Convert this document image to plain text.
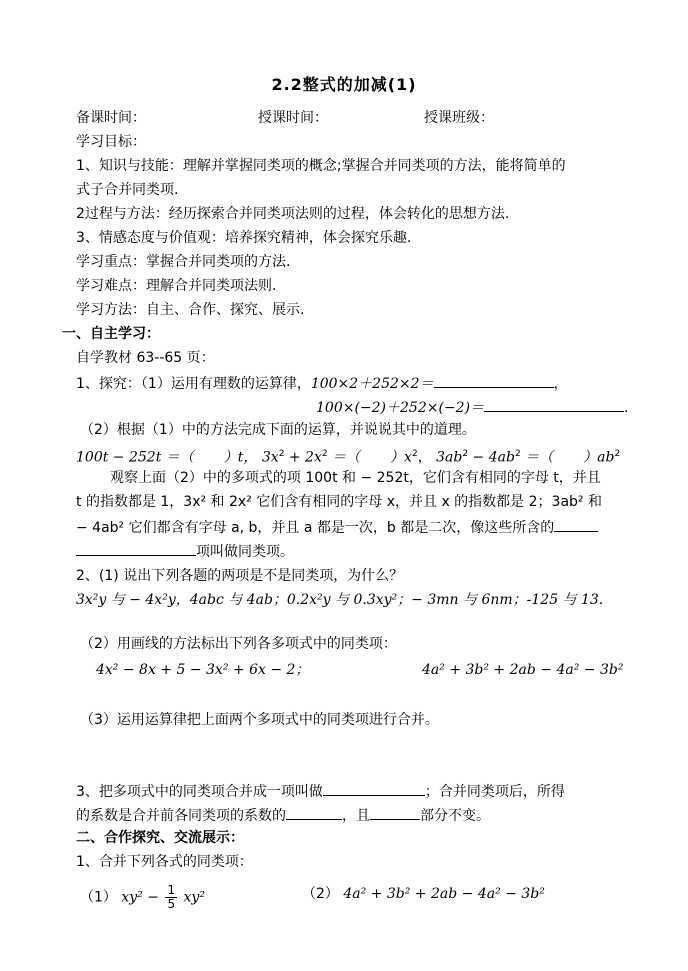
2.2整式的加减(1)
备课时间：	授课时间：	授课班级：
学习目标：
1、知识与技能：理解并掌握同类项的概念;掌握合并同类项的方法，能将简单的
式子合并同类项.
2过程与方法：经历探索合并同类项法则的过程，体会转化的思想方法.
3、情感态度与价值观：培养探究精神，体会探究乐趣.
学习重点：掌握合并同类项的方法.
学习难点：理解合并同类项法则.
学习方法：自主、合作、探究、展示.
一、自主学习：
自学教材 63--65 页：
1、探究：（1）运用有理数的运算律，100×2＋252×2＝	，
100×(−2)＋252×(−2)＝	.
（2）根据（1）中的方法完成下面的运算，并说说其中的道理。
100t − 252t ＝（ ）t， $3x^2 + 2x^2$ ＝（ ）$x^2$， $3ab^2 - 4ab^2$ ＝（ ）$ab^2$
观察上面（2）中的多项式的项 100t 和 − 252t，它们含有相同的字母 t，并且
t 的指数都是 1，3x² 和 2x² 它们含有相同的字母 x，并且 x 的指数都是 2；3ab² 和
− 4ab² 它们都含有字母 a, b，并且 a 都是一次，b 都是二次，像这些所含的
项叫做同类项。
2、(1) 说出下列各题的两项是不是同类项，为什么？
3x²y 与 − 4x²y，4abc 与 4ab；0.2x²y 与 0.3xy²；− 3mn 与 6nm；-125 与 13.
（2）用画线的方法标出下列各多项式中的同类项：
4x² − 8x + 5 − 3x² + 6x − 2；	4a² + 3b² + 2ab − 4a² − 3b²
（3）运用运算律把上面两个多项式中的同类项进行合并。
3、把多项式中的同类项合并成一项叫做	；合并同类项后，所得
的系数是合并前各同类项的系数的	，且	部分不变。
二、合作探究、交流展示：
1、合并下列各式的同类项：
（1） $xy^2 - \frac{1}{5} xy^2$	（2） 4a² + 3b² + 2ab − 4a² − 3b²
